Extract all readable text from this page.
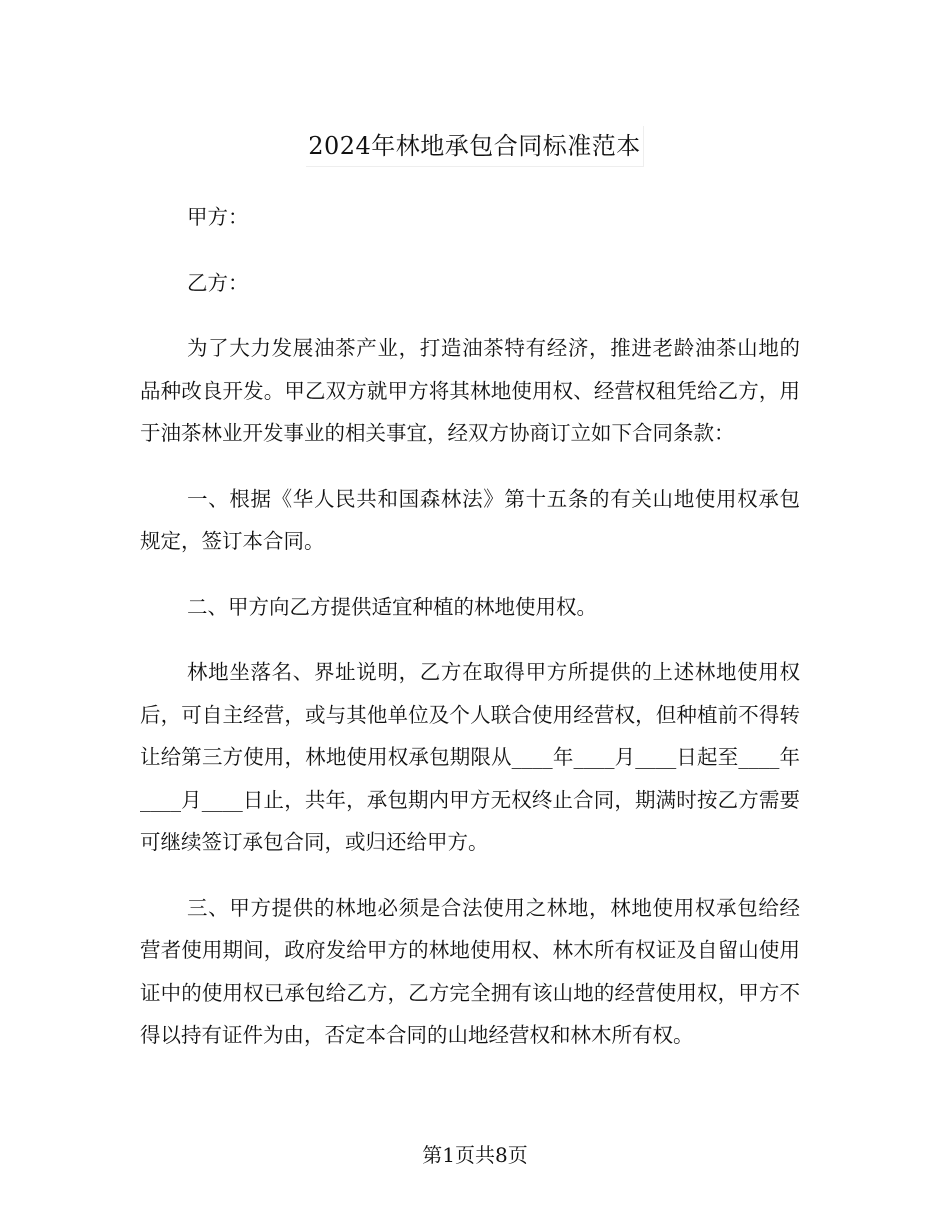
2024年林地承包合同标准范本

甲方：

乙方：

为了大力发展油茶产业，打造油茶特有经济，推进老龄油茶山地的品种改良开发。甲乙双方就甲方将其林地使用权、经营权租凭给乙方，用于油茶林业开发事业的相关事宜，经双方协商订立如下合同条款：

一、根据《华人民共和国森林法》第十五条的有关山地使用权承包规定，签订本合同。

二、甲方向乙方提供适宜种植的林地使用权。

林地坐落名、界址说明，乙方在取得甲方所提供的上述林地使用权后，可自主经营，或与其他单位及个人联合使用经营权，但种植前不得转让给第三方使用，林地使用权承包期限从____年____月____日起至____年____月____日止，共年，承包期内甲方无权终止合同，期满时按乙方需要可继续签订承包合同，或归还给甲方。

三、甲方提供的林地必须是合法使用之林地，林地使用权承包给经营者使用期间，政府发给甲方的林地使用权、林木所有权证及自留山使用证中的使用权已承包给乙方，乙方完全拥有该山地的经营使用权，甲方不得以持有证件为由，否定本合同的山地经营权和林木所有权。

第1页共8页
